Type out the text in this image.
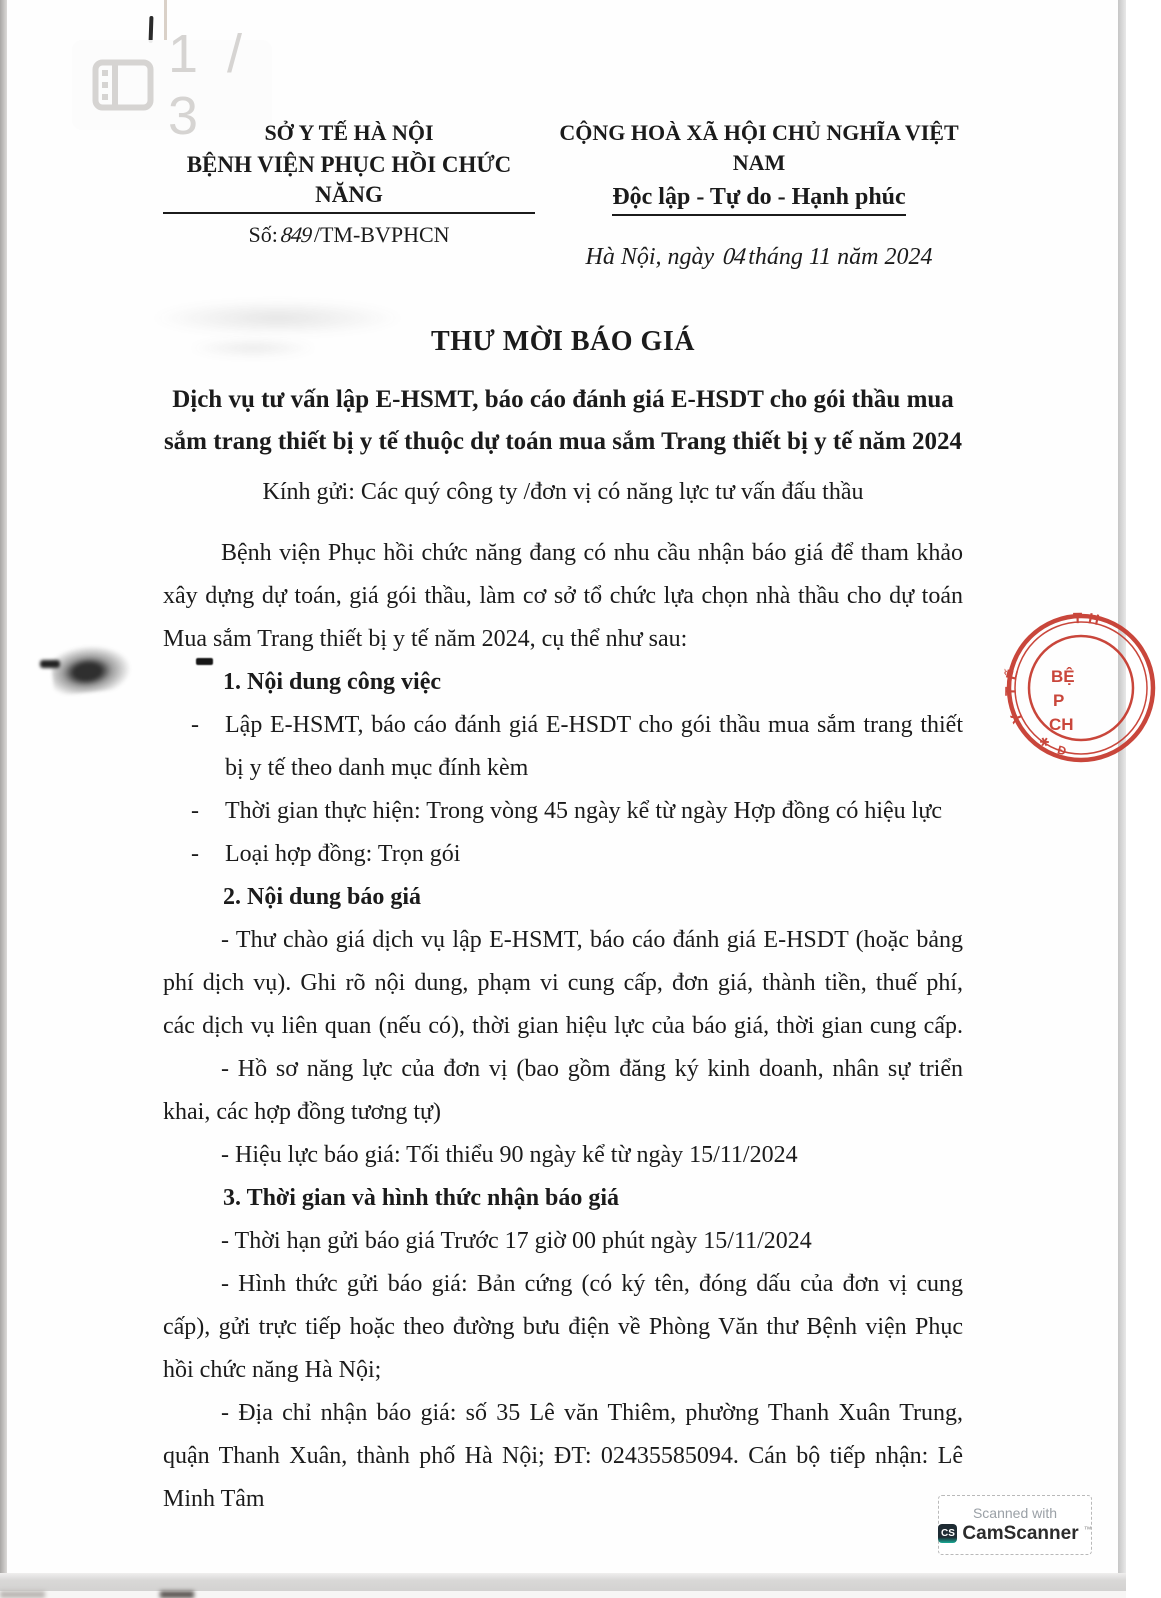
1 / 3	SỞ Y TẾ HÀ NỘI
BỆNH VIỆN PHỤC HỒI CHỨC NĂNG
Số:849/TM-BVPHCN
CỘNG HOÀ XÃ HỘI CHỦ NGHĨA VIỆT NAM
Độc lập - Tự do - Hạnh phúc
Hà Nội, ngày 04tháng 11 năm 2024
THƯ MỜI BÁO GIÁ
Dịch vụ tư vấn lập E-HSMT, báo cáo đánh giá E-HSDT cho gói thầu mua
sắm trang thiết bị y tế thuộc dự toán mua sắm Trang thiết bị y tế năm 2024
Kính gửi: Các quý công ty /đơn vị có năng lực tư vấn đấu thầu
Bệnh viện Phục hồi chức năng đang có nhu cầu nhận báo giá để tham khảo
xây dựng dự toán, giá gói thầu, làm cơ sở tổ chức lựa chọn nhà thầu cho dự toán
Mua sắm Trang thiết bị y tế năm 2024, cụ thể như sau:
1. Nội dung công việc
- Lập E-HSMT, báo cáo đánh giá E-HSDT cho gói thầu mua sắm trang thiết
bị y tế theo danh mục đính kèm
- Thời gian thực hiện: Trong vòng 45 ngày kể từ ngày Hợp đồng có hiệu lực
- Loại hợp đồng: Trọn gói
2. Nội dung báo giá
- Thư chào giá dịch vụ lập E-HSMT, báo cáo đánh giá E-HSDT (hoặc bảng
phí dịch vụ). Ghi rõ nội dung, phạm vi cung cấp, đơn giá, thành tiền, thuế phí,
các dịch vụ liên quan (nếu có), thời gian hiệu lực của báo giá, thời gian cung cấp.
- Hồ sơ năng lực của đơn vị (bao gồm đăng ký kinh doanh, nhân sự triển
khai, các hợp đồng tương tự)
- Hiệu lực báo giá: Tối thiểu 90 ngày kể từ ngày 15/11/2024
3. Thời gian và hình thức nhận báo giá
- Thời hạn gửi báo giá Trước 17 giờ 00 phút ngày 15/11/2024
- Hình thức gửi báo giá: Bản cứng (có ký tên, đóng dấu của đơn vị cung
cấp), gửi trực tiếp hoặc theo đường bưu điện về Phòng Văn thư Bệnh viện Phục
hồi chức năng Hà Nội;
- Địa chỉ nhận báo giá: số 35 Lê văn Thiêm, phường Thanh Xuân Trung,
quận Thanh Xuân, thành phố Hà Nội; ĐT: 02435585094. Cán bộ tiếp nhận: Lê
Minh Tâm
Y TẾ
TH
✱ Đ
BỆ
P
CH
Scanned with
CS CamScanner ™
